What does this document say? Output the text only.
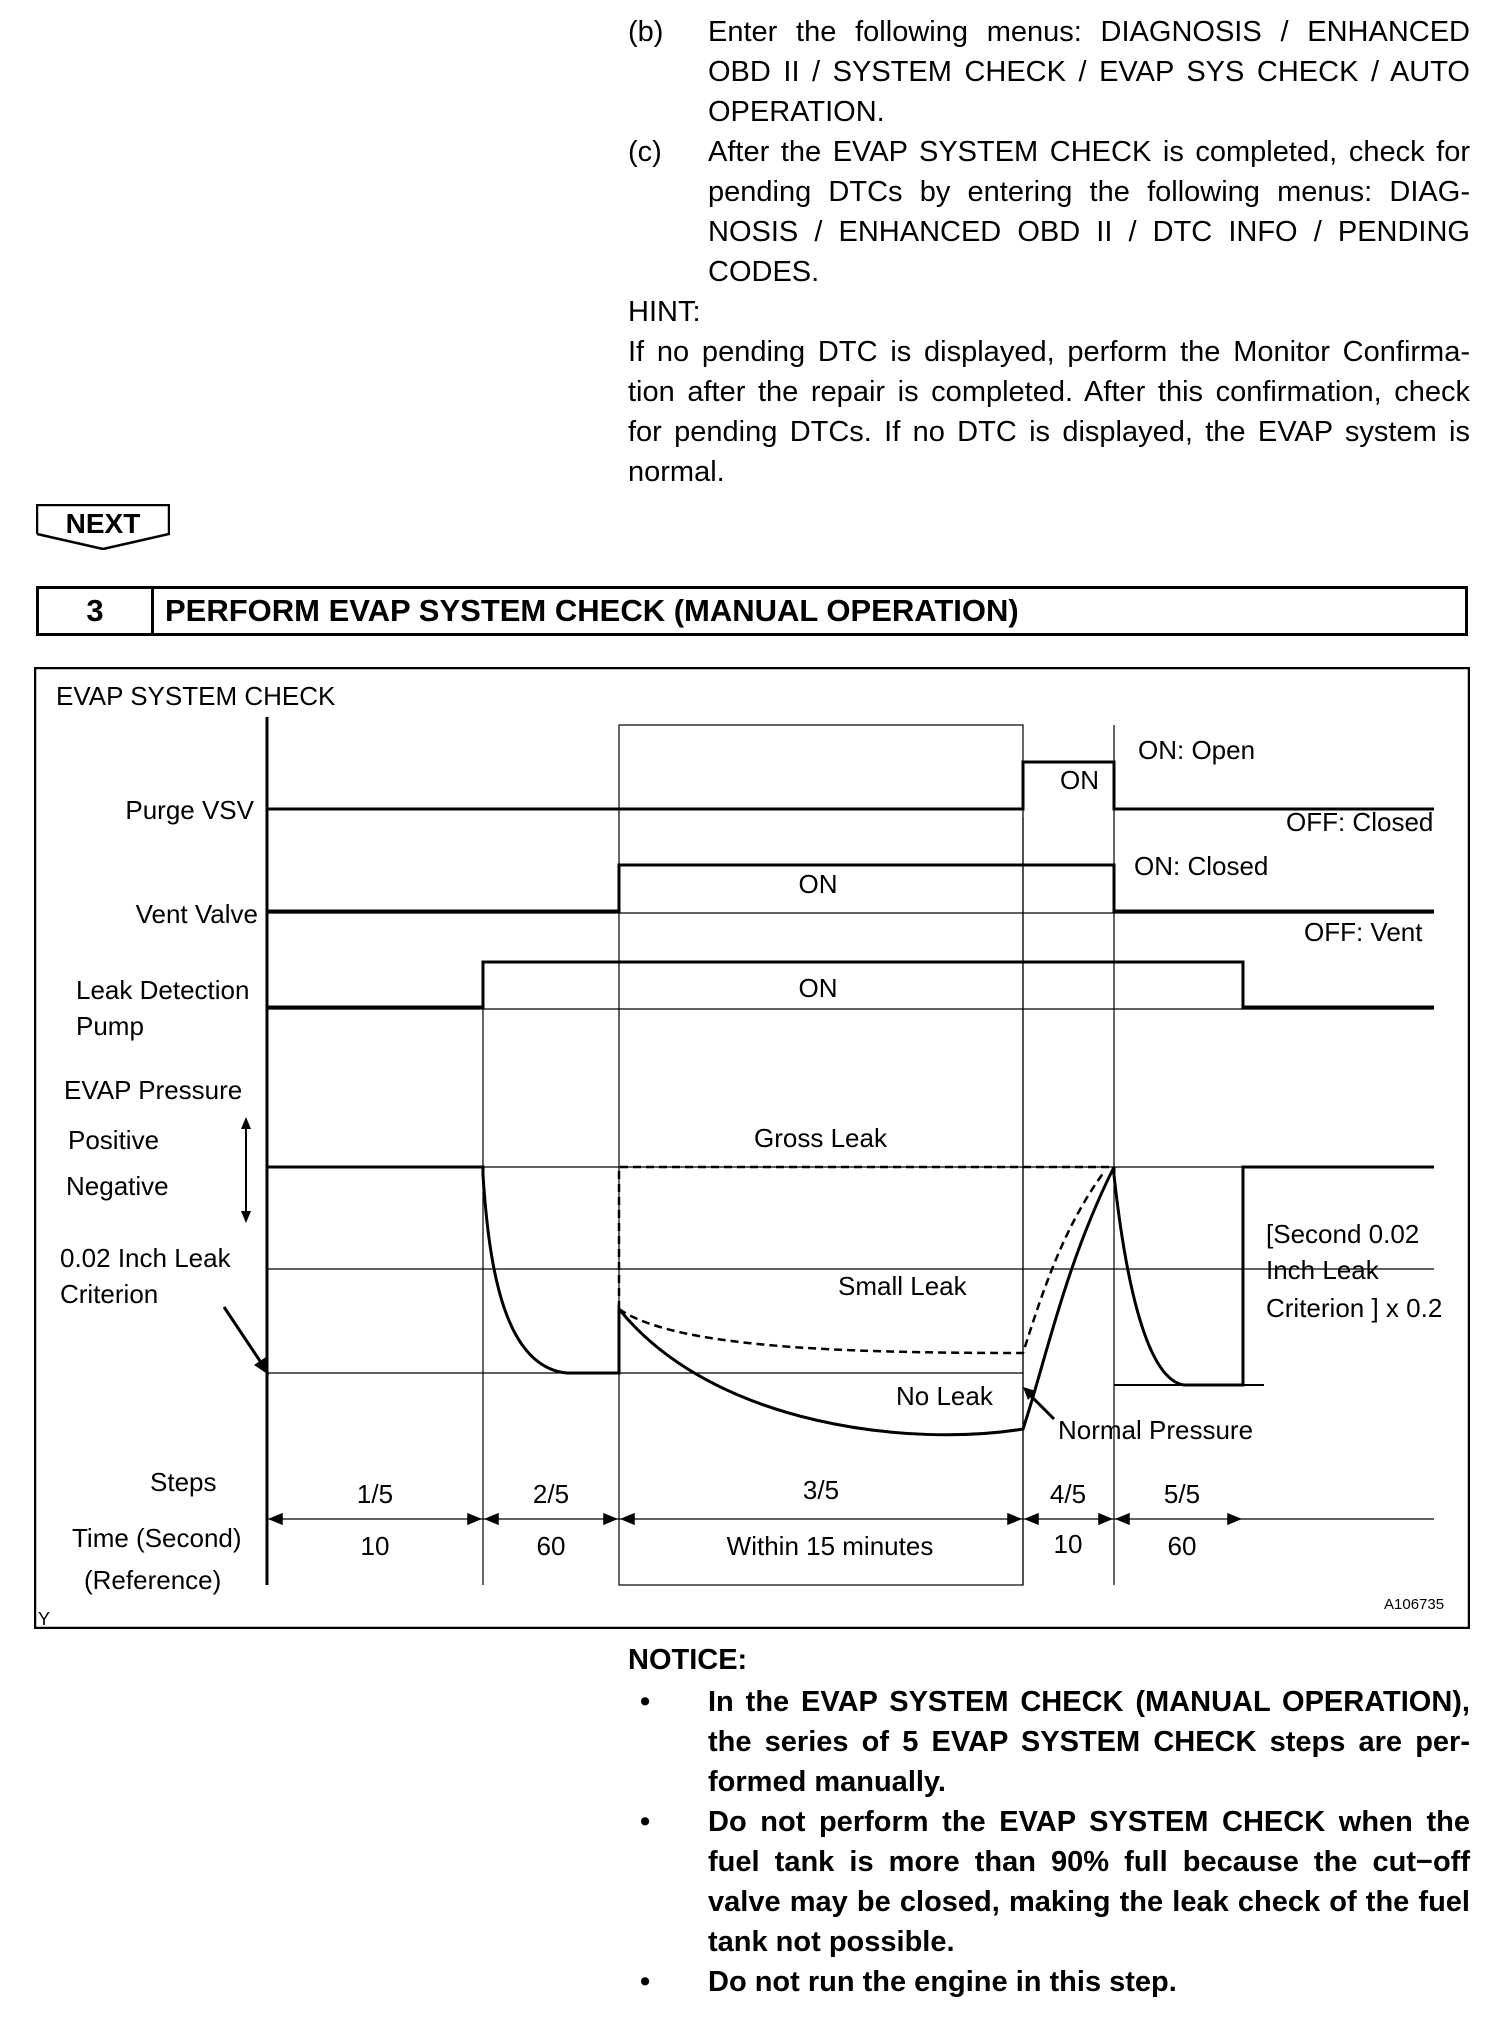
(b) Enter the following menus: DIAGNOSIS / ENHANCED OBD II / SYSTEM CHECK / EVAP SYS CHECK / AUTO OPERATION.
(c) After the EVAP SYSTEM CHECK is completed, check for pending DTCs by entering the following menus: DIAG-NOSIS / ENHANCED OBD II / DTC INFO / PENDING CODES.
HINT:
If no pending DTC is displayed, perform the Monitor Confirma-tion after the repair is completed. After this confirmation, check for pending DTCs. If no DTC is displayed, the EVAP system is normal.
NEXT
3	PERFORM EVAP SYSTEM CHECK (MANUAL OPERATION)
EVAP SYSTEM CHECK
Purge VSV
Vent Valve
Leak Detection
Pump
EVAP Pressure
Positive
Negative
0.02 Inch Leak
Criterion
Steps
Time (Second)
(Reference)
ON
ON: Open
OFF: Closed
ON
ON: Closed
OFF: Vent
ON
Gross Leak
Small Leak
No Leak
Normal Pressure
[Second 0.02
Inch Leak
Criterion ] x 0.2
1/5	2/5	3/5	4/5	5/5
10	60	Within 15 minutes	10	60
A106735
Y
NOTICE:
• In the EVAP SYSTEM CHECK (MANUAL OPERATION), the series of 5 EVAP SYSTEM CHECK steps are per-formed manually.
• Do not perform the EVAP SYSTEM CHECK when the fuel tank is more than 90% full because the cut−off valve may be closed, making the leak check of the fuel tank not possible.
• Do not run the engine in this step.
